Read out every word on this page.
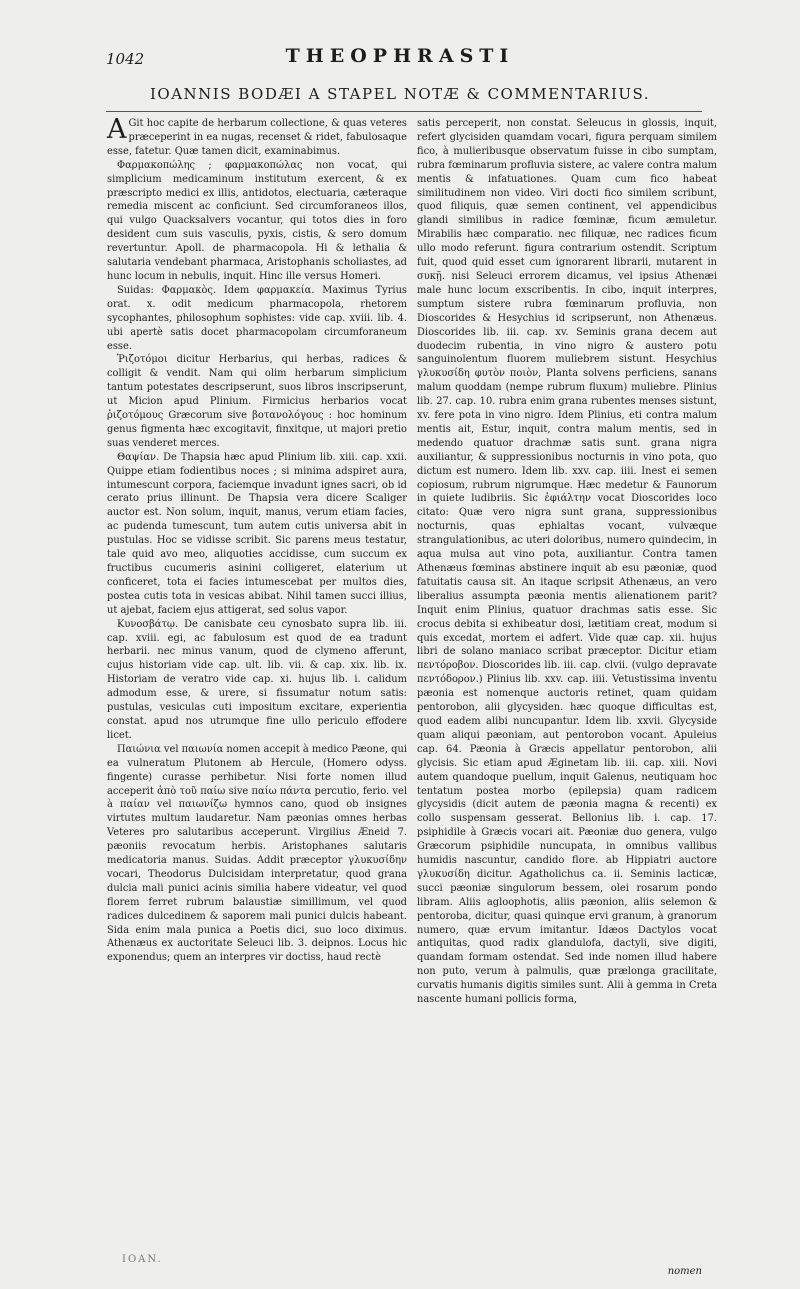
1042	THEOPHRASTI
IOANNIS BODÆI A STAPEL NOTÆ & COMMENTARIUS.

A Git hoc capite de herbarum collectione, & quas veteres præceperint in ea nugas, recenset & ridet, fabulosaque esse, fatetur. Quæ tamen dicit, examinabimus.

Φαρμακοπώλης ; φαρμακοπώλας non vocat, qui simplicium medicaminum institutum exercent, & ex præscripto medici ex illis, antidotos, electuaria, cæteraque remedia miscent ac conficiunt. Sed circumforaneos illos, qui vulgo Quacksalvers vocantur, qui totos dies in foro desident cum suis vasculis, pyxis, cistis, & sero domum revertuntur. Apoll. de pharmacopola. Hi & lethalia & salutaria vendebant pharmaca, Aristophanis scholiastes, ad hunc locum in nebulis, inquit. Hinc ille versus Homeri.

Suidas: Φαρμακὸς. Idem φαρμακεία. Maximus Tyrius orat. x. odit medicum pharmacopola, rhetorem sycophantes, philosophum sophistes: vide cap. xviii. lib. 4. ubi apertè satis docet pharmacopolam circumforaneum esse.

Ῥιζοτόμοι dicitur Herbarius, qui herbas, radices & colligit & vendit. Nam qui olim herbarum simplicium tantum potestates descripserunt, suos libros inscripserunt, ut Micion apud Plinium. Firmicius herbarios vocat ῥιζοτόμους Græcorum sive βοτανολόγους : hoc hominum genus figmenta hæc excogitavit, finxitque, ut majori pretio suas venderet merces.

Θαψίαν. De Thapsia hæc apud Plinium lib. xiii. cap. xxii. Quippe etiam fodientibus noces ; si minima adspiret aura, intumescunt corpora, faciemque invadunt ignes sacri, ob id cerato prius illinunt. De Thapsia vera dicere Scaliger auctor est. Non solum, inquit, manus, verum etiam facies, ac pudenda tumescunt, tum autem cutis universa abit in pustulas. Hoc se vidisse scribit. Sic parens meus testatur, tale quid avo meo, aliquoties accidisse, cum succum ex fructibus cucumeris asinini colligeret, elaterium ut conficeret, tota ei facies intumescebat per multos dies, postea cutis tota in vesicas abibat. Nihil tamen succi illius, ut ajebat, faciem ejus attigerat, sed solus vapor.

Κυνοσβάτῳ. De canisbate ceu cynosbato supra lib. iii. cap. xviii. egi, ac fabulosum est quod de ea tradunt herbarii. nec minus vanum, quod de clymeno afferunt, cujus historiam vide cap. ult. lib. vii. & cap. xix. lib. ix. Historiam de veratro vide cap. xi. hujus lib. i. calidum admodum esse, & urere, si fissumatur notum satis: pustulas, vesiculas cuti impositum excitare, experientia constat. apud nos utrumque fine ullo periculo effodere licet.

Παιώνια vel παιωνία nomen accepit à medico Pæone, qui ea vulneratum Plutonem ab Hercule, (Homero odyss. fingente) curasse perhibetur. Nisi forte nomen illud acceperit ἀπὸ τοῦ παίω sive παίω πάντα percutio, ferio. vel à παίαν vel παιωνίζω hymnos cano, quod ob insignes virtutes multum laudaretur. Nam pæonias omnes herbas Veteres pro salutaribus acceperunt. Virgilius Æneid 7. pæoniis revocatum herbis. Aristophanes salutaris medicatoria manus. Suidas. Addit præceptor γλυκυσίδην vocari, Theodorus Dulcisidam interpretatur, quod grana dulcia mali punici acinis similia habere videatur, vel quod florem ferret rubrum balaustiæ simillimum, vel quod radices dulcedinem & saporem mali punici dulcis habeant. Sida enim mala punica a Poetis dici, suo loco diximus. Athenæus ex auctoritate Seleuci lib. 3. deipnos. Locus hic exponendus; quem an interpres vir doctiss, haud rectè

satis perceperit, non constat. Seleucus in glossis, inquit, refert glycisiden quamdam vocari, figura perquam similem fico, à mulieribusque observatum fuisse in cibo sumptam, rubra fœminarum profluvia sistere, ac valere contra malum mentis & infatuationes. Quam cum fico habeat similitudinem non video. Viri docti fico similem scribunt, quod filiquis, quæ semen continent, vel appendicibus glandi similibus in radice fœminæ, ficum æmuletur. Mirabilis hæc comparatio. nec filiquæ, nec radices ficum ullo modo referunt. figura contrarium ostendit. Scriptum fuit, quod quid esset cum ignorarent librarii, mutarent in συκῇ. nisi Seleuci errorem dicamus, vel ipsius Athenæi male hunc locum exscribentis. In cibo, inquit interpres, sumptum sistere rubra fœminarum profluvia, non Dioscorides & Hesychius id scripserunt, non Athenæus. Dioscorides lib. iii. cap. xv. Seminis grana decem aut duodecim rubentia, in vino nigro & austero potu sanguinolentum fluorem muliebrem sistunt. Hesychius γλυκυσίδη φυτὸν ποιὸν, Planta solvens perficiens, sanans malum quoddam (nempe rubrum fluxum) muliebre. Plinius lib. 27. cap. 10. rubra enim grana rubentes menses sistunt, xv. fere pota in vino nigro. Idem Plinius, eti contra malum mentis ait, Estur, inquit, contra malum mentis, sed in medendo quatuor drachmæ satis sunt. grana nigra auxiliantur, & suppressionibus nocturnis in vino pota, quo dictum est numero. Idem lib. xxv. cap. iiii. Inest ei semen copiosum, rubrum nigrumque. Hæc medetur & Faunorum in quiete ludibriis. Sic ἐφιάλτην vocat Dioscorides loco citato: Quæ vero nigra sunt grana, suppressionibus nocturnis, quas ephialtas vocant, vulvæque strangulationibus, ac uteri doloribus, numero quindecim, in aqua mulsa aut vino pota, auxiliantur. Contra tamen Athenæus fœminas abstinere inquit ab esu pæoniæ, quod fatuitatis causa sit. An itaque scripsit Athenæus, an vero liberalius assumpta pæonia mentis alienationem parit? Inquit enim Plinius, quatuor drachmas satis esse. Sic crocus debita si exhibeatur dosi, lætitiam creat, modum si quis excedat, mortem ei adfert. Vide quæ cap. xii. hujus libri de solano maniaco scribat præceptor. Dicitur etiam πεντόροβον. Dioscorides lib. iii. cap. clvii. (vulgo depravate πεντόδορον.) Plinius lib. xxv. cap. iiii. Vetustissima inventu pæonia est nomenque auctoris retinet, quam quidam pentorobon, alii glycysiden. hæc quoque difficultas est, quod eadem alibi nuncupantur. Idem lib. xxvii. Glycyside quam aliqui pæoniam, aut pentorobon vocant. Apuleius cap. 64. Pæonia à Græcis appellatur pentorobon, alii glycisis. Sic etiam apud Æginetam lib. iii. cap. xiii. Novi autem quandoque puellum, inquit Galenus, neutiquam hoc tentatum postea morbo (epilepsia) quam radicem glycysidis (dicit autem de pæonia magna & recenti) ex collo suspensam gesserat. Bellonius lib. i. cap. 17. psiphidile à Græcis vocari ait. Pæoniæ duo genera, vulgo Græcorum psiphidile nuncupata, in omnibus vallibus humidis nascuntur, candido flore. ab Hippiatri auctore γλυκυσίδη dicitur. Agatholichus ca. ii. Seminis lacticæ, succi pæoniæ singulorum bessem, olei rosarum pondo libram. Aliis agloophotis, aliis pæonion, aliis selemon & pentoroba, dicitur, quasi quinque ervi granum, à granorum numero, quæ ervum imitantur. Idæos Dactylos vocat antiquitas, quod radix glandulofa, dactyli, sive digiti, quandam formam ostendat. Sed inde nomen illud habere non puto, verum à palmulis, quæ prælonga gracilitate, curvatis humanis digitis similes sunt. Alii à gemma in Creta nascente humani pollicis forma,

IOAN.
nomen
